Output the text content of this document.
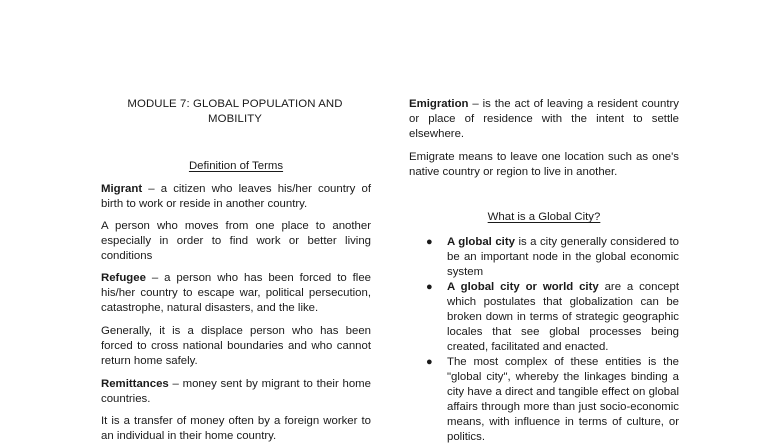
MODULE 7: GLOBAL POPULATION AND MOBILITY
Definition of Terms

Migrant – a citizen who leaves his/her country of birth to work or reside in another country.

A person who moves from one place to another especially in order to find work or better living conditions

Refugee – a person who has been forced to flee his/her country to escape war, political persecution, catastrophe, natural disasters, and the like.

Generally, it is a displace person who has been forced to cross national boundaries and who cannot return home safely.

Remittances – money sent by migrant to their home countries.

It is a transfer of money often by a foreign worker to an individual in their home country.

Emigration – is the act of leaving a resident country or place of residence with the intent to settle elsewhere.

Emigrate means to leave one location such as one's native country or region to live in another.

What is a Global City?
● A global city is a city generally considered to be an important node in the global economic system
● A global city or world city are a concept which postulates that globalization can be broken down in terms of strategic geographic locales that see global processes being created, facilitated and enacted.
● The most complex of these entities is the "global city", whereby the linkages binding a city have a direct and tangible effect on global affairs through more than just socio-economic means, with influence in terms of culture, or politics.
